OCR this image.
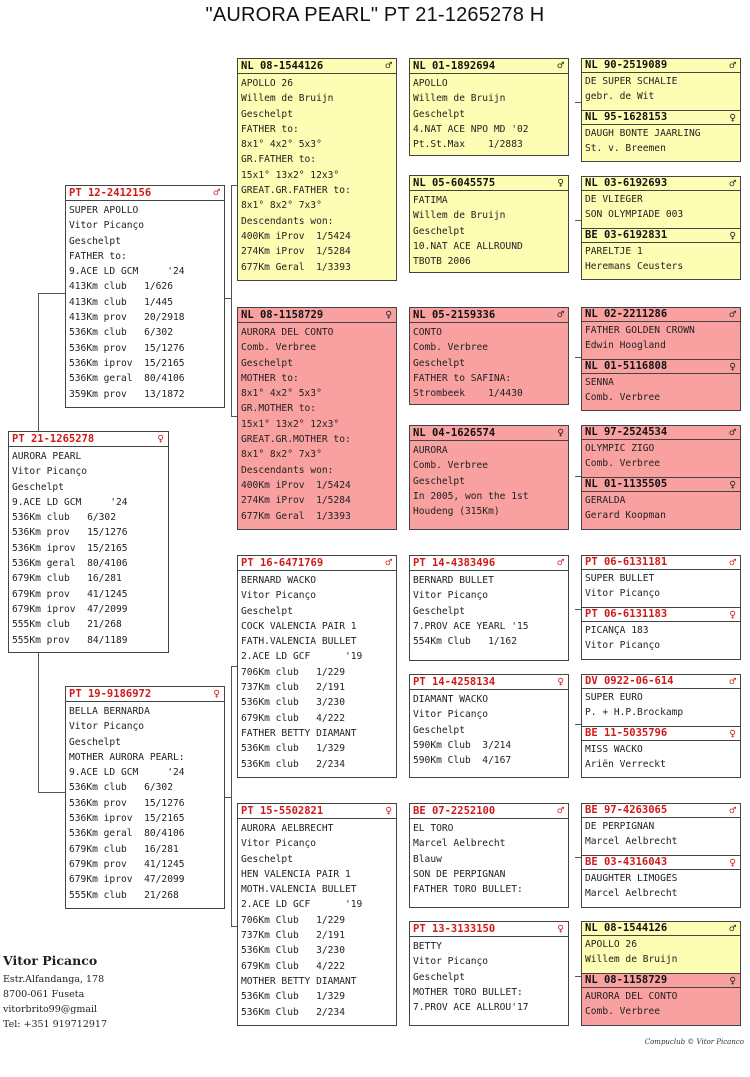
"AURORA PEARL" PT 21-1265278 H
PT 21-1265278	♀
AURORA PEARL
Vitor Picanço
Geschelpt
9.ACE LD GCM     '24
536Km club   6/302
536Km prov   15/1276
536Km iprov  15/2165
536Km geral  80/4106
679Km club   16/281
679Km prov   41/1245
679Km iprov  47/2099
555Km club   21/268
555Km prov   84/1189
PT 12-2412156	♂
SUPER APOLLO
Vitor Picanço
Geschelpt
FATHER to:
9.ACE LD GCM     '24
413Km club   1/626
413Km club   1/445
413Km prov   20/2918
536Km club   6/302
536Km prov   15/1276
536Km iprov  15/2165
536Km geral  80/4106
359Km prov   13/1872
PT 19-9186972	♀
BELLA BERNARDA
Vitor Picanço
Geschelpt
MOTHER AURORA PEARL:
9.ACE LD GCM     '24
536Km club   6/302
536Km prov   15/1276
536Km iprov  15/2165
536Km geral  80/4106
679Km club   16/281
679Km prov   41/1245
679Km iprov  47/2099
555Km club   21/268
NL 08-1544126	♂
APOLLO 26
Willem de Bruijn
Geschelpt
FATHER to:
8x1° 4x2° 5x3°
GR.FATHER to:
15x1° 13x2° 12x3°
GREAT.GR.FATHER to:
8x1° 8x2° 7x3°
Descendants won:
400Km iProv  1/5424
274Km iProv  1/5284
677Km Geral  1/3393
NL 08-1158729	♀
AURORA DEL CONTO
Comb. Verbree
Geschelpt
MOTHER to:
8x1° 4x2° 5x3°
GR.MOTHER to:
15x1° 13x2° 12x3°
GREAT.GR.MOTHER to:
8x1° 8x2° 7x3°
Descendants won:
400Km iProv  1/5424
274Km iProv  1/5284
677Km Geral  1/3393
PT 16-6471769	♂
BERNARD WACKO
Vitor Picanço
Geschelpt
COCK VALENCIA PAIR 1
FATH.VALENCIA BULLET
2.ACE LD GCF      '19
706Km club   1/229
737Km club   2/191
536Km club   3/230
679Km club   4/222
FATHER BETTY DIAMANT
536Km club   1/329
536Km club   2/234
PT 15-5502821	♀
AURORA AELBRECHT
Vitor Picanço
Geschelpt
HEN VALENCIA PAIR 1
MOTH.VALENCIA BULLET
2.ACE LD GCF      '19
706Km Club   1/229
737Km Club   2/191
536Km Club   3/230
679Km Club   4/222
MOTHER BETTY DIAMANT
536Km Club   1/329
536Km Club   2/234
NL 01-1892694	♂
APOLLO
Willem de Bruijn
Geschelpt
4.NAT ACE NPO MD '02
Pt.St.Max    1/2883
NL 05-6045575	♀
FATIMA
Willem de Bruijn
Geschelpt
10.NAT ACE ALLROUND
TBOTB 2006
NL 05-2159336	♂
CONTO
Comb. Verbree
Geschelpt
FATHER to SAFINA:
Strombeek    1/4430
NL 04-1626574	♀
AURORA
Comb. Verbree
Geschelpt
In 2005, won the 1st
Houdeng (315Km)
PT 14-4383496	♂
BERNARD BULLET
Vitor Picanço
Geschelpt
7.PROV ACE YEARL '15
554Km Club   1/162
PT 14-4258134	♀
DIAMANT WACKO
Vitor Picanço
Geschelpt
590Km Club  3/214
590Km Club  4/167
BE 07-2252100	♂
EL TORO
Marcel Aelbrecht
Blauw
SON DE PERPIGNAN
FATHER TORO BULLET:
PT 13-3133150	♀
BETTY
Vitor Picanço
Geschelpt
MOTHER TORO BULLET:
7.PROV ACE ALLROU'17
NL 90-2519089	♂
DE SUPER SCHALIE
gebr. de Wit
NL 95-1628153	♀
DAUGH BONTE JAARLING
St. v. Breemen
NL 03-6192693	♂
DE VLIEGER
SON OLYMPIADE 003
BE 03-6192831	♀
PARELTJE 1
Heremans Ceusters
NL 02-2211286	♂
FATHER GOLDEN CROWN
Edwin Hoogland
NL 01-5116808	♀
SENNA
Comb. Verbree
NL 97-2524534	♂
OLYMPIC ZIGO
Comb. Verbree
NL 01-1135505	♀
GERALDA
Gerard Koopman
PT 06-6131181	♂
SUPER BULLET
Vitor Picanço
PT 06-6131183	♀
PICANÇA 183
Vitor Picanço
DV 0922-06-614	♂
SUPER EURO
P. + H.P.Brockamp
BE 11-5035796	♀
MISS WACKO
Ariën Verreckt
BE 97-4263065	♂
DE PERPIGNAN
Marcel Aelbrecht
BE 03-4316043	♀
DAUGHTER LIMOGES
Marcel Aelbrecht
NL 08-1544126	♂
APOLLO 26
Willem de Bruijn
NL 08-1158729	♀
AURORA DEL CONTO
Comb. Verbree
Vitor Picanco
Estr.Alfandanga, 178
8700-061 Fuseta
vitorbrito99@gmail
Tel: +351 919712917
Compuclub © Vitor Picanco
